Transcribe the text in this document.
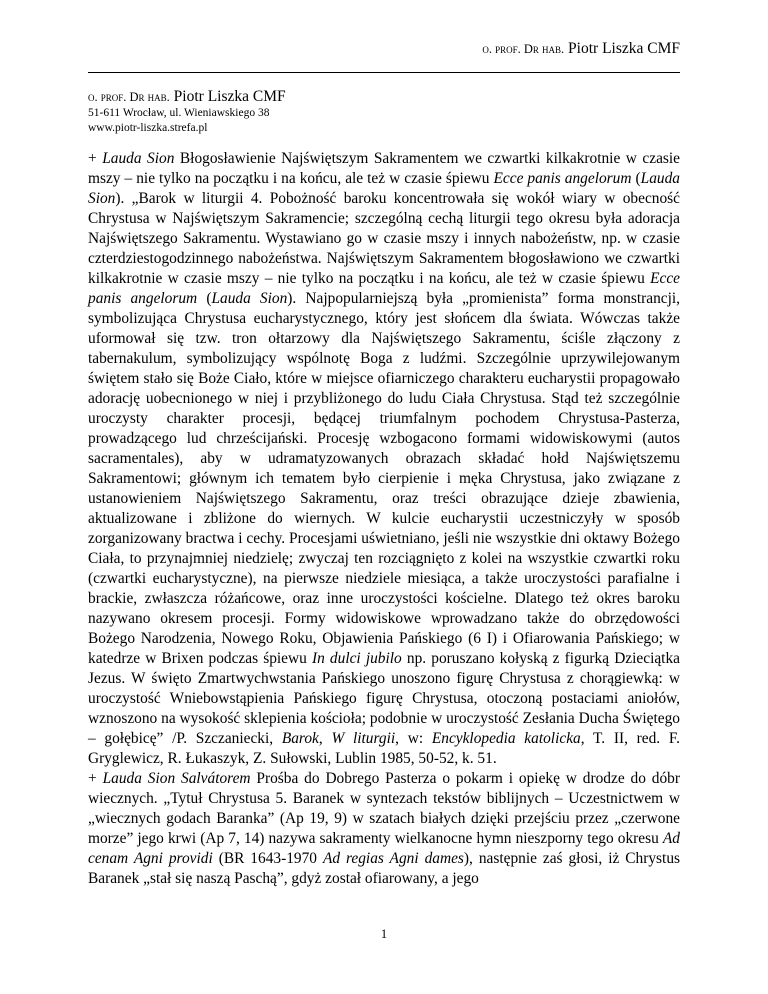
o. prof. Dr hab. Piotr Liszka CMF
o. prof. Dr hab. Piotr Liszka CMF
51-611 Wrocław, ul. Wieniawskiego 38
www.piotr-liszka.strefa.pl

+ Lauda Sion Błogosławienie Najświętszym Sakramentem we czwartki kilkakrotnie w czasie mszy – nie tylko na początku i na końcu, ale też w czasie śpiewu Ecce panis angelorum (Lauda Sion). „Barok w liturgii 4. Pobożność baroku koncentrowała się wokół wiary w obecność Chrystusa w Najświętszym Sakramencie; szczególną cechą liturgii tego okresu była adoracja Najświętszego Sakramentu. Wystawiano go w czasie mszy i innych nabożeństw, np. w czasie czterdziestogodzinnego nabożeństwa. Najświętszym Sakramentem błogosławiono we czwartki kilkakrotnie w czasie mszy – nie tylko na początku i na końcu, ale też w czasie śpiewu Ecce panis angelorum (Lauda Sion). Najpopularniejszą była „promienista” forma monstrancji, symbolizująca Chrystusa eucharystycznego, który jest słońcem dla świata. Wówczas także uformował się tzw. tron ołtarzowy dla Najświętszego Sakramentu, ściśle złączony z tabernakulum, symbolizujący wspólnotę Boga z ludźmi. Szczególnie uprzywilejowanym świętem stało się Boże Ciało, które w miejsce ofiarniczego charakteru eucharystii propagowało adorację uobecnionego w niej i przybliżonego do ludu Ciała Chrystusa. Stąd też szczególnie uroczysty charakter procesji, będącej triumfalnym pochodem Chrystusa-Pasterza, prowadzącego lud chrześcijański. Procesję wzbogacono formami widowiskowymi (autos sacramentales), aby w udramatyzowanych obrazach składać hołd Najświętszemu Sakramentowi; głównym ich tematem było cierpienie i męka Chrystusa, jako związane z ustanowieniem Najświętszego Sakramentu, oraz treści obrazujące dzieje zbawienia, aktualizowane i zbliżone do wiernych. W kulcie eucharystii uczestniczyły w sposób zorganizowany bractwa i cechy. Procesjami uświetniano, jeśli nie wszystkie dni oktawy Bożego Ciała, to przynajmniej niedzielę; zwyczaj ten rozciągnięto z kolei na wszystkie czwartki roku (czwartki eucharystyczne), na pierwsze niedziele miesiąca, a także uroczystości parafialne i brackie, zwłaszcza różańcowe, oraz inne uroczystości kościelne. Dlatego też okres baroku nazywano okresem procesji. Formy widowiskowe wprowadzano także do obrzędowości Bożego Narodzenia, Nowego Roku, Objawienia Pańskiego (6 I) i Ofiarowania Pańskiego; w katedrze w Brixen podczas śpiewu In dulci jubilo np. poruszano kołyską z figurką Dzieciątka Jezus. W święto Zmartwychwstania Pańskiego unoszono figurę Chrystusa z chorągiewką: w uroczystość Wniebowstąpienia Pańskiego figurę Chrystusa, otoczoną postaciami aniołów, wznoszono na wysokość sklepienia kościoła; podobnie w uroczystość Zesłania Ducha Świętego – gołębicę” /P. Szczaniecki, Barok, W liturgii, w: Encyklopedia katolicka, T. II, red. F. Gryglewicz, R. Łukaszyk, Z. Sułowski, Lublin 1985, 50-52, k. 51.

+ Lauda Sion Salvátorem Prośba do Dobrego Pasterza o pokarm i opiekę w drodze do dóbr wiecznych. „Tytuł Chrystusa 5. Baranek w syntezach tekstów biblijnych – Uczestnictwem w „wiecznych godach Baranka” (Ap 19, 9) w szatach białych dzięki przejściu przez „czerwone morze” jego krwi (Ap 7, 14) nazywa sakramenty wielkanocne hymn nieszporny tego okresu Ad cenam Agni providi (BR 1643-1970 Ad regias Agni dames), następnie zaś głosi, iż Chrystus Baranek „stał się naszą Paschą”, gdyż został ofiarowany, a jego

1
